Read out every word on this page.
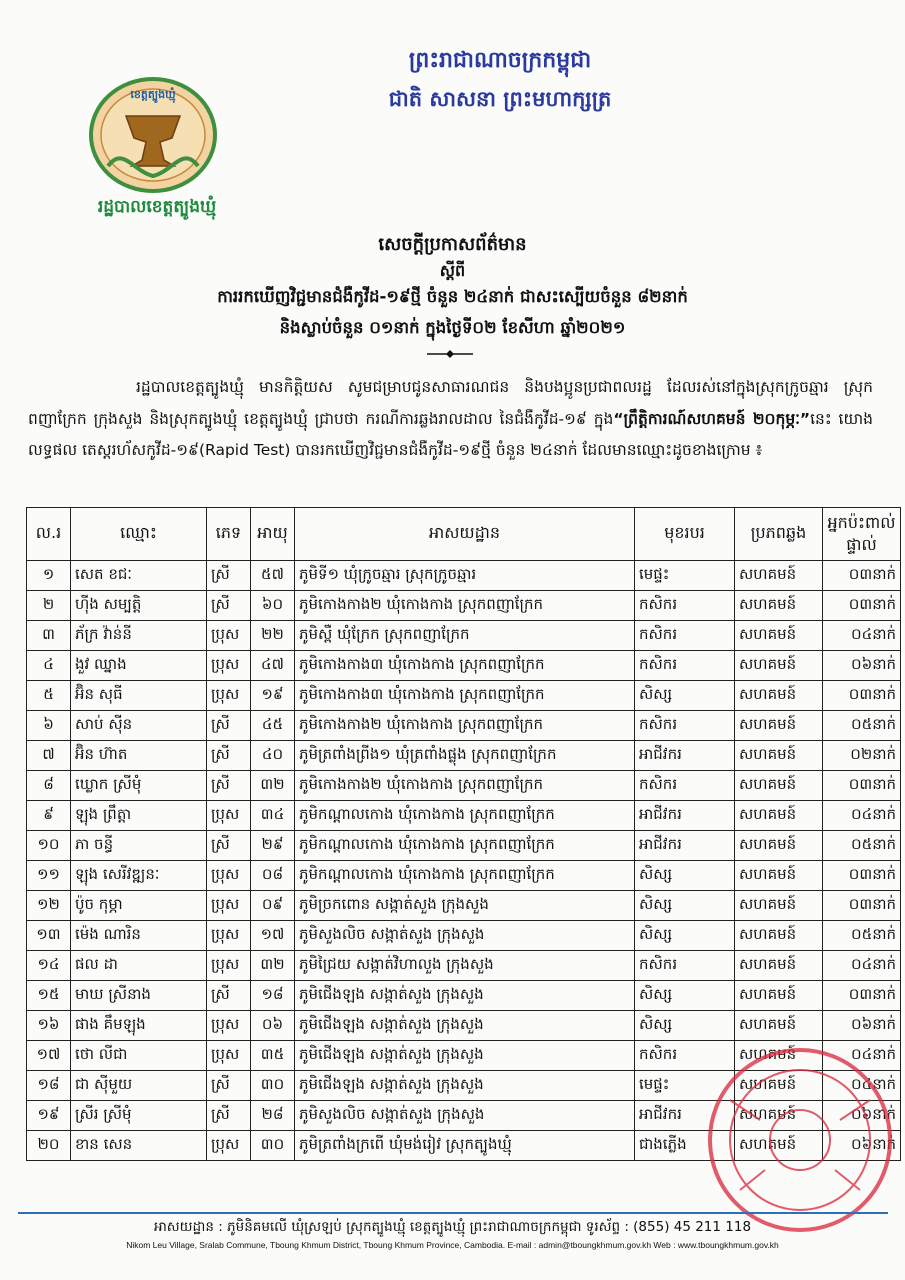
ខេត្តត្បូងឃ្មុំ
រដ្ឋបាលខេត្តត្បូងឃ្មុំ
ព្រះរាជាណាចក្រកម្ពុជា
ជាតិ សាសនា ព្រះមហាក្សត្រ
សេចក្ដីប្រកាសព័ត៌មាន
ស្ដីពី
ការរកឃើញវិជ្ជមានជំងឺកូវីដ-១៩ថ្មី ចំនួន ២៤នាក់ ជាសះស្បើយចំនួន ៨២នាក់
និងស្លាប់ចំនួន ០១នាក់ ក្នុងថ្ងៃទី០២ ខែសីហា ឆ្នាំ២០២១
រដ្ឋបាលខេត្តត្បូងឃ្មុំ មានកិត្តិយស សូមជម្រាបជូនសាធារណជន និងបងប្អូនប្រជាពលរដ្ឋ ដែលរស់នៅក្នុងស្រុកក្រូចឆ្មារ ស្រុកពញាក្រែក ក្រុងសួង និងស្រុកត្បូងឃ្មុំ ខេត្តត្បូងឃ្មុំ ជ្រាបថា ករណីការឆ្លងរាលដាល នៃជំងឺកូវីដ-១៩ ក្នុង“ព្រឹត្តិការណ៍សហគមន៍ ២០កុម្ភៈ”នេះ យោងលទ្ធផល តេស្តរហ័សកូវីដ-១៩(Rapid Test) បានរកឃើញវិជ្ជមានជំងឺកូវីដ-១៩ថ្មី ចំនួន ២៤នាក់ ដែលមានឈ្មោះដូចខាងក្រោម ៖
ល.រ	ឈ្មោះ	ភេទ	អាយុ	អាសយដ្ឋាន	មុខរបរ	ប្រភពឆ្លង	អ្នកប៉ះពាល់ផ្ទាល់
១	សេត ខជៈ	ស្រី	៥៧	ភូមិទី១ ឃុំក្រូចឆ្មារ ស្រុកក្រូចឆ្មារ	មេផ្ទះ	សហគមន៍	០៣នាក់
២	ហ៊ីង សម្បត្តិ	ស្រី	៦០	ភូមិកោងកាង២ ឃុំកោងកាង ស្រុកពញាក្រែក	កសិករ	សហគមន៍	០៣នាក់
៣	ភ័ក្រ វ៉ាន់នី	ប្រុស	២២	ភូមិស្ពឺ ឃុំក្រែក ស្រុកពញាក្រែក	កសិករ	សហគមន៍	០៤នាក់
៤	ងួវ ឈ្នាង	ប្រុស	៤៧	ភូមិកោងកាង៣ ឃុំកោងកាង ស្រុកពញាក្រែក	កសិករ	សហគមន៍	០៦នាក់
៥	អ៊ិន សុធី	ប្រុស	១៩	ភូមិកោងកាង៣ ឃុំកោងកាង ស្រុកពញាក្រែក	សិស្ស	សហគមន៍	០៣នាក់
៦	សាប់ ស៊ីន	ស្រី	៤៥	ភូមិកោងកាង២ ឃុំកោងកាង ស្រុកពញាក្រែក	កសិករ	សហគមន៍	០៥នាក់
៧	អ៊ិន ហ៊ាត	ស្រី	៤០	ភូមិត្រពាំងព្រីង១ ឃុំត្រពាំងផ្លុង ស្រុកពញាក្រែក	អាជីវករ	សហគមន៍	០២នាក់
៨	ឃ្លោក ស្រីមុំ	ស្រី	៣២	ភូមិកោងកាង២ ឃុំកោងកាង ស្រុកពញាក្រែក	កសិករ	សហគមន៍	០៣នាក់
៩	ឡុង ព្រឹត្តា	ប្រុស	៣៤	ភូមិកណ្តាលកោង ឃុំកោងកាង ស្រុកពញាក្រែក	អាជីវករ	សហគមន៍	០៤នាក់
១០	ភា ចន្ធី	ស្រី	២៩	ភូមិកណ្តាលកោង ឃុំកោងកាង ស្រុកពញាក្រែក	អាជីវករ	សហគមន៍	០៥នាក់
១១	ឡុង សេរីវឌ្ឍនៈ	ប្រុស	០៨	ភូមិកណ្តាលកោង ឃុំកោងកាង ស្រុកពញាក្រែក	សិស្ស	សហគមន៍	០៣នាក់
១២	ប៉ូច កុម្ភា	ប្រុស	០៩	ភូមិច្រកពោន សង្កាត់សួង ក្រុងសួង	សិស្ស	សហគមន៍	០៣នាក់
១៣	ម៉េង ណារិន	ប្រុស	១៧	ភូមិសួងលិច សង្កាត់សួង ក្រុងសួង	សិស្ស	សហគមន៍	០៥នាក់
១៤	ផល ដា	ប្រុស	៣២	ភូមិជ្រៃយ សង្កាត់វិហាលួង ក្រុងសួង	កសិករ	សហគមន៍	០៤នាក់
១៥	មាឃ ស្រីនាង	ស្រី	១៨	ភូមិជើងឡង សង្កាត់សួង ក្រុងសួង	សិស្ស	សហគមន៍	០៣នាក់
១៦	ផាង គឹមឡុង	ប្រុស	០៦	ភូមិជើងឡង សង្កាត់សួង ក្រុងសួង	សិស្ស	សហគមន៍	០៦នាក់
១៧	ថោ លីជា	ប្រុស	៣៥	ភូមិជើងឡង សង្កាត់សួង ក្រុងសួង	កសិករ	សហគមន៍	០៤នាក់
១៨	ជា ស៊ីមួយ	ស្រី	៣០	ភូមិជើងឡង សង្កាត់សួង ក្រុងសួង	មេផ្ទះ	សហគមន៍	០៤នាក់
១៩	ស្រីរ ស្រីមុំ	ស្រី	២៨	ភូមិសួងលិច សង្កាត់សួង ក្រុងសួង	អាជីវករ	សហគមន៍	០៦នាក់
២០	ខាន សេន	ប្រុស	៣០	ភូមិត្រពាំងក្រពើ ឃុំមង់រៀវ ស្រុកត្បូងឃ្មុំ	ជាងភ្លើង	សហគមន៍	០៦នាក់
អាសយដ្ឋាន : ភូមិនិគមលើ ឃុំស្រឡប់ ស្រុកត្បូងឃ្មុំ ខេត្តត្បូងឃ្មុំ ព្រះរាជាណាចក្រកម្ពុជា ទូរស័ព្ទ : (855) 45 211 118
Nikom Leu Village, Sralab Commune, Tboung Khmum District, Tboung Khmum Province, Cambodia. E-mail : admin@tboungkhmum.gov.kh Web : www.tboungkhmum.gov.kh
